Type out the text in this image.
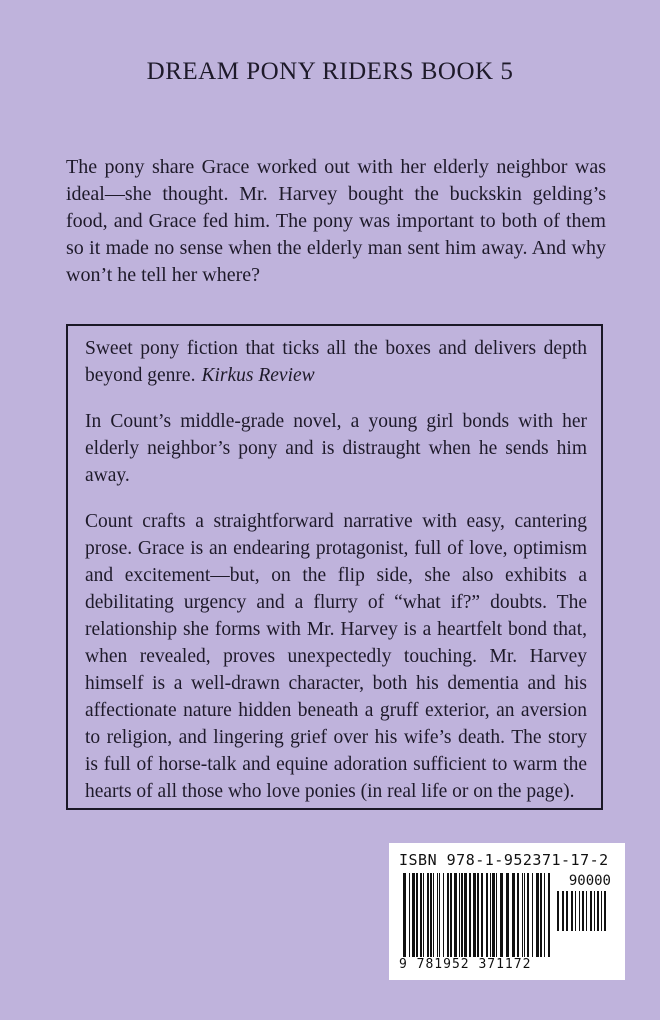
DREAM PONY RIDERS BOOK 5

The pony share Grace worked out with her elderly neighbor was ideal—she thought. Mr. Harvey bought the buckskin gelding’s food, and Grace fed him. The pony was important to both of them so it made no sense when the elderly man sent him away. And why won’t he tell her where?

Sweet pony fiction that ticks all the boxes and delivers depth beyond genre. Kirkus Review

In Count’s middle-grade novel, a young girl bonds with her elderly neighbor’s pony and is distraught when he sends him away.

Count crafts a straightforward narrative with easy, cantering prose. Grace is an endearing protagonist, full of love, optimism and excitement—but, on the flip side, she also exhibits a debilitating urgency and a flurry of “what if?” doubts. The relationship she forms with Mr. Harvey is a heartfelt bond that, when revealed, proves unexpectedly touching. Mr. Harvey himself is a well-drawn character, both his dementia and his affectionate nature hidden beneath a gruff exterior, an aversion to religion, and lingering grief over his wife’s death. The story is full of horse-talk and equine adoration sufficient to warm the hearts of all those who love ponies (in real life or on the page).

ISBN 978-1-952371-17-2
90000
9 781952 371172
